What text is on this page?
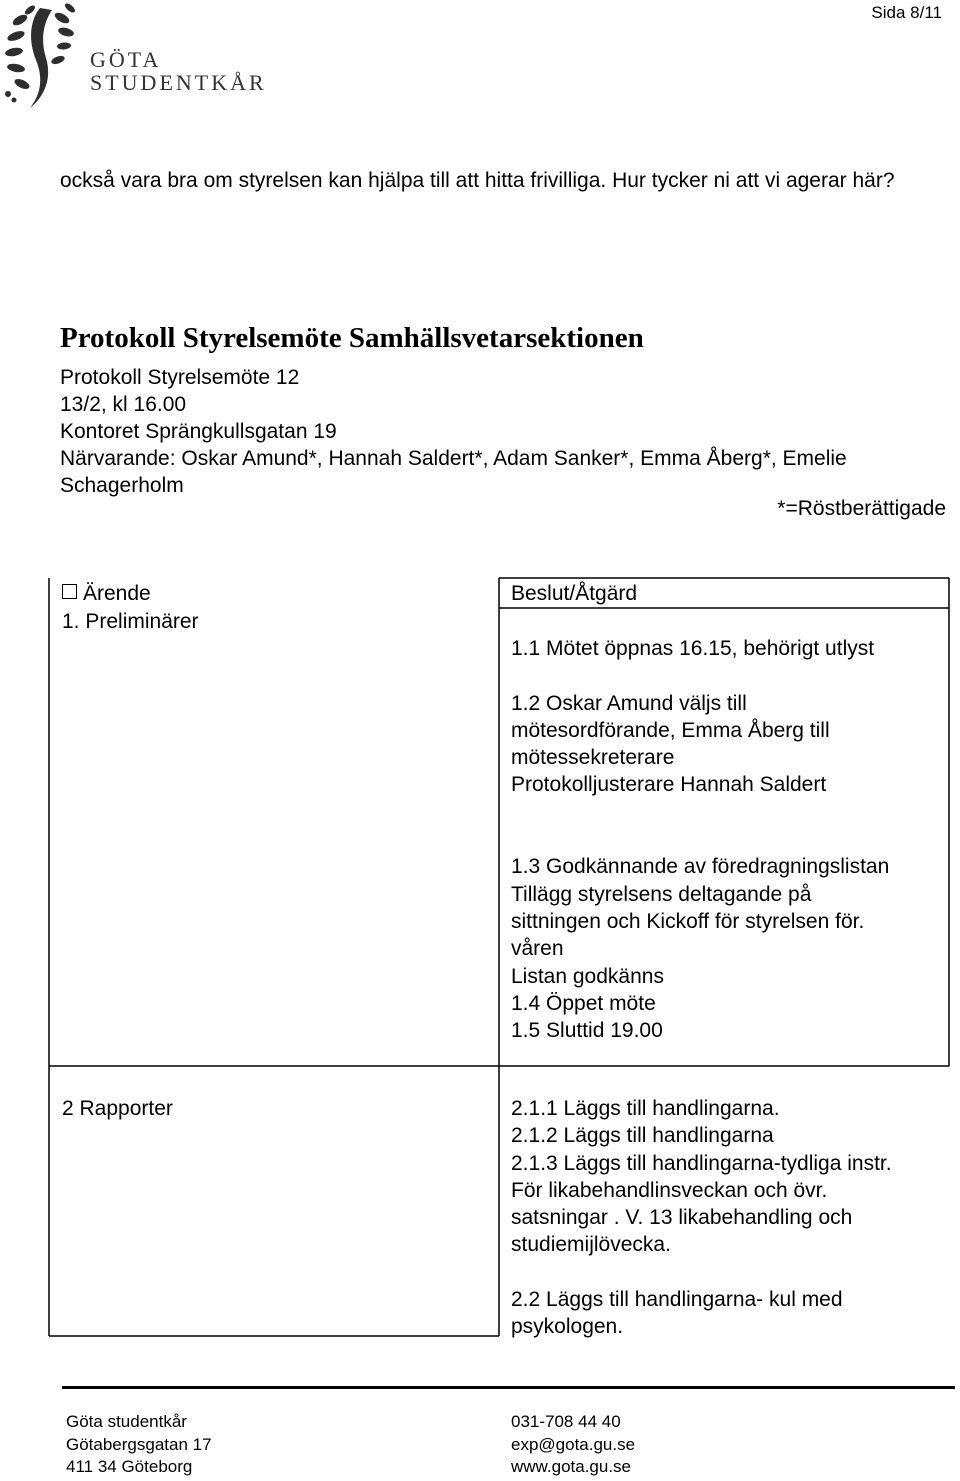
Sida 8/11
GÖTA
STUDENTKÅR
också vara bra om styrelsen kan hjälpa till att hitta frivilliga. Hur tycker ni att vi agerar här?
Protokoll Styrelsemöte Samhällsvetarsektionen
Protokoll Styrelsemöte 12
13/2, kl 16.00
Kontoret Sprängkullsgatan 19
Närvarande: Oskar Amund*, Hannah Saldert*, Adam Sanker*, Emma Åberg*, Emelie
Schagerholm
*=Röstberättigade
Ärende	Beslut/Åtgärd
1. Preliminärer
1.1 Mötet öppnas 16.15, behörigt utlyst

1.2 Oskar Amund väljs till
mötesordförande, Emma Åberg till
mötessekreterare
Protokolljusterare Hannah Saldert

1.3 Godkännande av föredragningslistan
Tillägg styrelsens deltagande på
sittningen och Kickoff för styrelsen för.
våren
Listan godkänns
1.4 Öppet möte
1.5 Sluttid 19.00
2 Rapporter	2.1.1 Läggs till handlingarna.
2.1.2 Läggs till handlingarna
2.1.3 Läggs till handlingarna-tydliga instr.
För likabehandlinsveckan och övr.
satsningar . V. 13 likabehandling och
studiemijlövecka.

2.2 Läggs till handlingarna- kul med
psykologen.
Göta studentkår
Götabergsgatan 17
411 34 Göteborg
031-708 44 40
exp@gota.gu.se
www.gota.gu.se
